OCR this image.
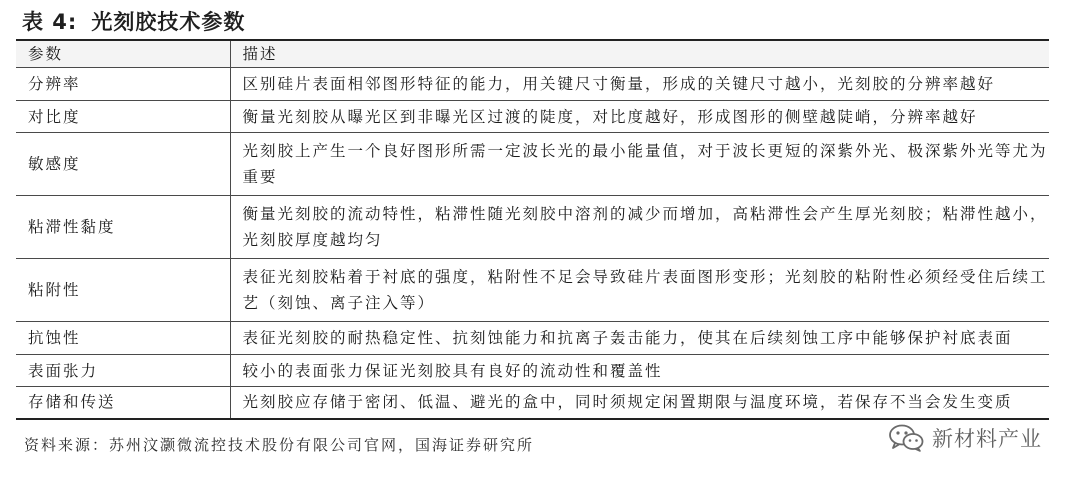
表 4: 光刻胶技术参数
参数	描述
分辨率	区别硅片表面相邻图形特征的能力，用关键尺寸衡量，形成的关键尺寸越小，光刻胶的分辨率越好
对比度	衡量光刻胶从曝光区到非曝光区过渡的陡度，对比度越好，形成图形的侧壁越陡峭，分辨率越好
敏感度	光刻胶上产生一个良好图形所需一定波长光的最小能量值，对于波长更短的深紫外光、极深紫外光等尤为重要
粘滞性黏度	衡量光刻胶的流动特性，粘滞性随光刻胶中溶剂的减少而增加，高粘滞性会产生厚光刻胶；粘滞性越小，光刻胶厚度越均匀
粘附性	表征光刻胶粘着于衬底的强度，粘附性不足会导致硅片表面图形变形；光刻胶的粘附性必须经受住后续工艺（刻蚀、离子注入等）
抗蚀性	表征光刻胶的耐热稳定性、抗刻蚀能力和抗离子轰击能力，使其在后续刻蚀工序中能够保护衬底表面
表面张力	较小的表面张力保证光刻胶具有良好的流动性和覆盖性
存储和传送	光刻胶应存储于密闭、低温、避光的盒中，同时须规定闲置期限与温度环境，若保存不当会发生变质
资料来源：苏州汶灏微流控技术股份有限公司官网，国海证券研究所	新材料产业
